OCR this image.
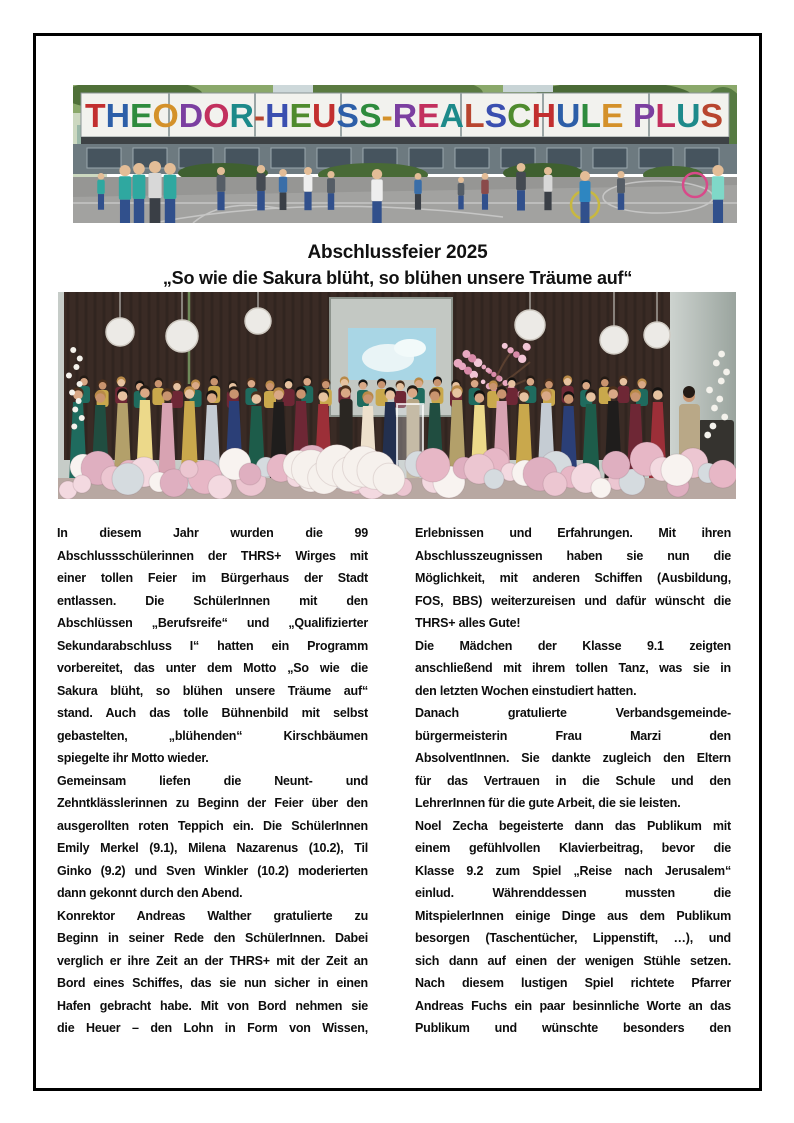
THEODOR-HEUSS-REALSCHULE PLUS
Abschlussfeier 2025
„So wie die Sakura blüht, so blühen unsere Träume auf“
In diesem Jahr wurden die 99
Abschlussschülerinnen der THRS+ Wirges mit
einer tollen Feier im Bürgerhaus der Stadt
entlassen. Die SchülerInnen mit den
Abschlüssen „Berufsreife“ und „Qualifizierter
Sekundarabschluss I“ hatten ein Programm
vorbereitet, das unter dem Motto „So wie die
Sakura blüht, so blühen unsere Träume auf“
stand. Auch das tolle Bühnenbild mit selbst
gebastelten, „blühenden“ Kirschbäumen
spiegelte ihr Motto wieder.
Gemeinsam liefen die Neunt- und
Zehntklässlerinnen zu Beginn der Feier über den
ausgerollten roten Teppich ein. Die SchülerInnen
Emily Merkel (9.1), Milena Nazarenus (10.2), Til
Ginko (9.2) und Sven Winkler (10.2) moderierten
dann gekonnt durch den Abend.
Konrektor Andreas Walther gratulierte zu
Beginn in seiner Rede den SchülerInnen. Dabei
verglich er ihre Zeit an der THRS+ mit der Zeit an
Bord eines Schiffes, das sie nun sicher in einen
Hafen gebracht habe. Mit von Bord nehmen sie
die Heuer – den Lohn in Form von Wissen,
Erlebnissen und Erfahrungen. Mit ihren
Abschlusszeugnissen haben sie nun die
Möglichkeit, mit anderen Schiffen (Ausbildung,
FOS, BBS) weiterzureisen und dafür wünscht die
THRS+ alles Gute!
Die Mädchen der Klasse 9.1 zeigten
anschließend mit ihrem tollen Tanz, was sie in
den letzten Wochen einstudiert hatten.
Danach gratulierte Verbandsgemeinde-
bürgermeisterin Frau Marzi den
AbsolventInnen. Sie dankte zugleich den Eltern
für das Vertrauen in die Schule und den
LehrerInnen für die gute Arbeit, die sie leisten.
Noel Zecha begeisterte dann das Publikum mit
einem gefühlvollen Klavierbeitrag, bevor die
Klasse 9.2 zum Spiel „Reise nach Jerusalem“
einlud. Währenddessen mussten die
MitspielerInnen einige Dinge aus dem Publikum
besorgen (Taschentücher, Lippenstift, …), und
sich dann auf einen der wenigen Stühle setzen.
Nach diesem lustigen Spiel richtete Pfarrer
Andreas Fuchs ein paar besinnliche Worte an das
Publikum und wünschte besonders den
